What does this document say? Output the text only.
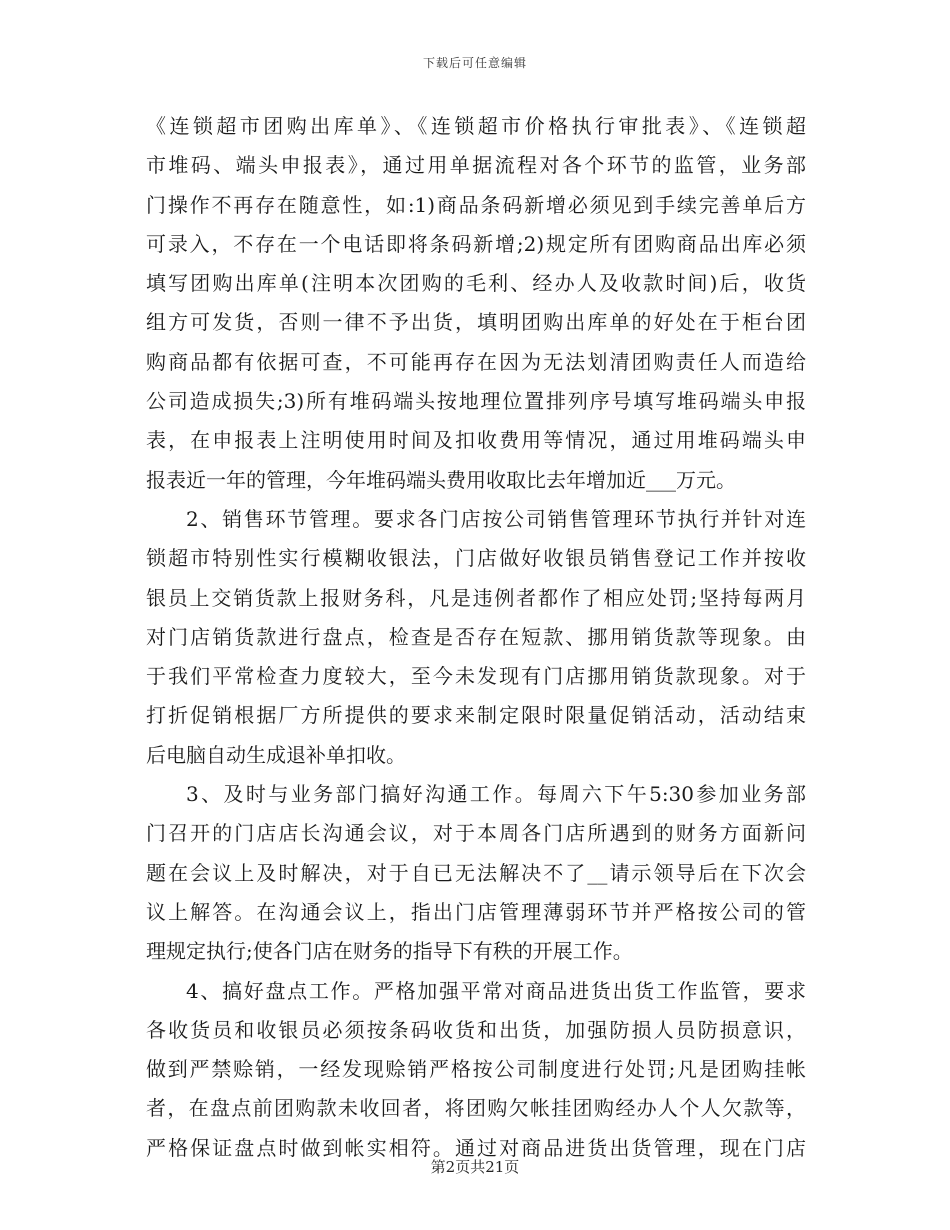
下载后可任意编辑
《连锁超市团购出库单》、《连锁超市价格执行审批表》、《连锁超
市堆码、端头申报表》，通过用单据流程对各个环节的监管，业务部
门操作不再存在随意性，如:1)商品条码新增必须见到手续完善单后方
可录入，不存在一个电话即将条码新增;2)规定所有团购商品出库必须
填写团购出库单(注明本次团购的毛利、经办人及收款时间)后，收货
组方可发货，否则一律不予出货，填明团购出库单的好处在于柜台团
购商品都有依据可查，不可能再存在因为无法划清团购责任人而造给
公司造成损失;3)所有堆码端头按地理位置排列序号填写堆码端头申报
表，在申报表上注明使用时间及扣收费用等情况，通过用堆码端头申
报表近一年的管理，今年堆码端头费用收取比去年增加近___万元。
2、销售环节管理。要求各门店按公司销售管理环节执行并针对连
锁超市特别性实行模糊收银法，门店做好收银员销售登记工作并按收
银员上交销货款上报财务科，凡是违例者都作了相应处罚;坚持每两月
对门店销货款进行盘点，检查是否存在短款、挪用销货款等现象。由
于我们平常检查力度较大，至今未发现有门店挪用销货款现象。对于
打折促销根据厂方所提供的要求来制定限时限量促销活动，活动结束
后电脑自动生成退补单扣收。
3、及时与业务部门搞好沟通工作。每周六下午5:30参加业务部
门召开的门店店长沟通会议，对于本周各门店所遇到的财务方面新问
题在会议上及时解决，对于自已无法解决不了__请示领导后在下次会
议上解答。在沟通会议上，指出门店管理薄弱环节并严格按公司的管
理规定执行;使各门店在财务的指导下有秩的开展工作。
4、搞好盘点工作。严格加强平常对商品进货出货工作监管，要求
各收货员和收银员必须按条码收货和出货，加强防损人员防损意识，
做到严禁赊销，一经发现赊销严格按公司制度进行处罚;凡是团购挂帐
者，在盘点前团购款未收回者，将团购欠帐挂团购经办人个人欠款等，
严格保证盘点时做到帐实相符。通过对商品进货出货管理，现在门店
第2页共21页
